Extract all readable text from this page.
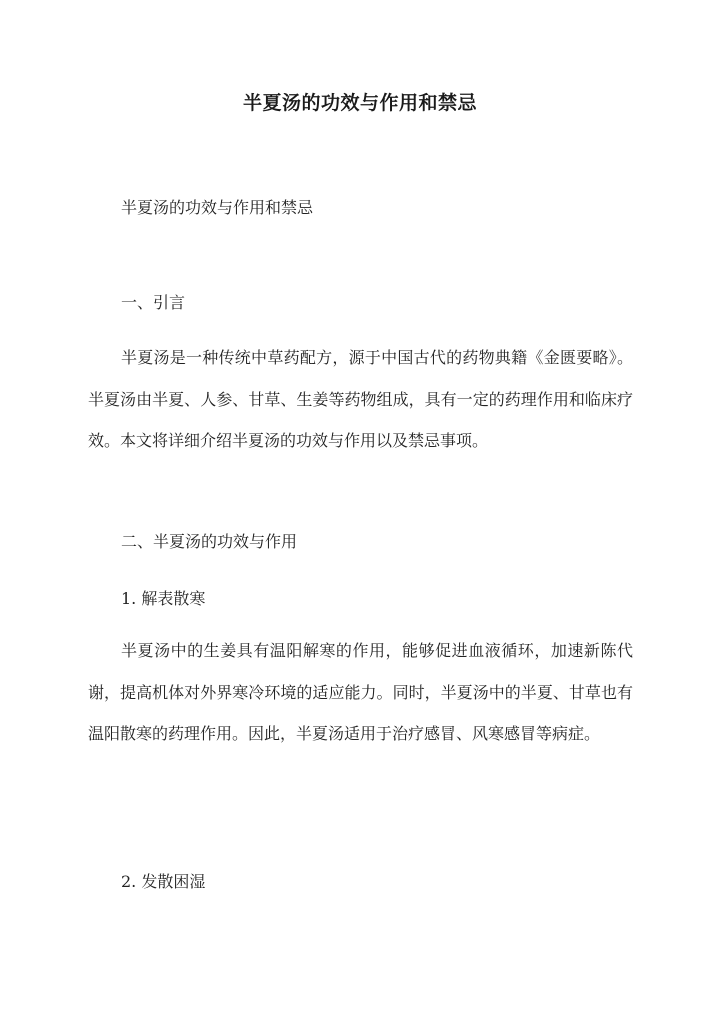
半夏汤的功效与作用和禁忌
半夏汤的功效与作用和禁忌
一、引言
半夏汤是一种传统中草药配方，源于中国古代的药物典籍《金匮要略》。半夏汤由半夏、人参、甘草、生姜等药物组成，具有一定的药理作用和临床疗效。本文将详细介绍半夏汤的功效与作用以及禁忌事项。
二、半夏汤的功效与作用
1. 解表散寒
半夏汤中的生姜具有温阳解寒的作用，能够促进血液循环，加速新陈代谢，提高机体对外界寒冷环境的适应能力。同时，半夏汤中的半夏、甘草也有温阳散寒的药理作用。因此，半夏汤适用于治疗感冒、风寒感冒等病症。
2. 发散困湿
